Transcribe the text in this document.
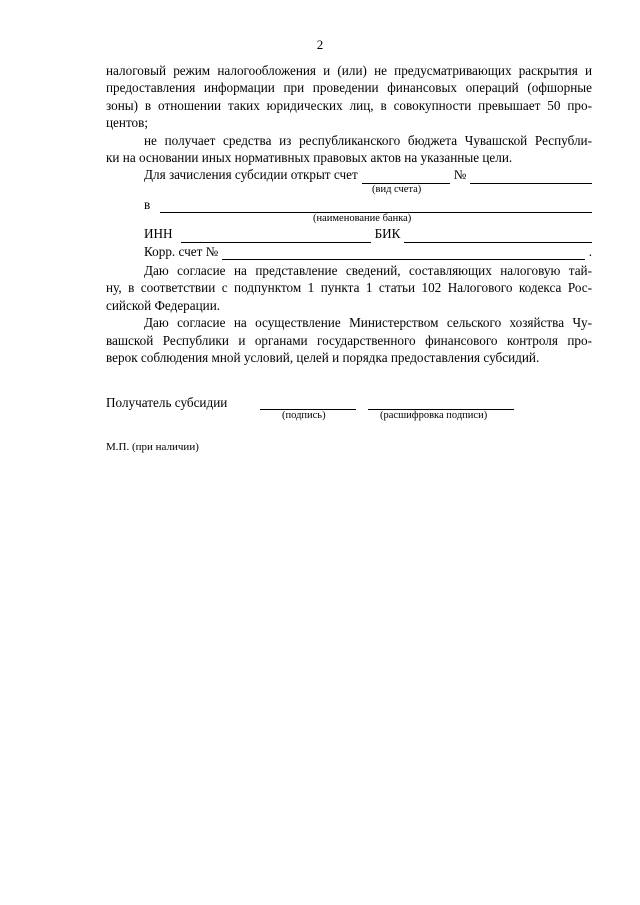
2
налоговый режим налогообложения и (или) не предусматривающих раскрытия и
предоставления информации при проведении финансовых операций (офшорные
зоны) в отношении таких юридических лиц, в совокупности превышает 50 про-
центов;
не получает средства из республиканского бюджета Чувашской Республи-
ки на основании иных нормативных правовых актов на указанные цели.
Для зачисления субсидии открыт счет	№
(вид счета)
в
(наименование банка)
ИНН	БИК
Корр. счет №	.
Даю согласие на представление сведений, составляющих налоговую тай-
ну, в соответствии с подпунктом 1 пункта 1 статьи 102 Налогового кодекса Рос-
сийской Федерации.
Даю согласие на осуществление Министерством сельского хозяйства Чу-
вашской Республики и органами государственного финансового контроля про-
верок соблюдения мной условий, целей и порядка предоставления субсидий.
Получатель субсидии
(подпись)	(расшифровка подписи)
М.П. (при наличии)
